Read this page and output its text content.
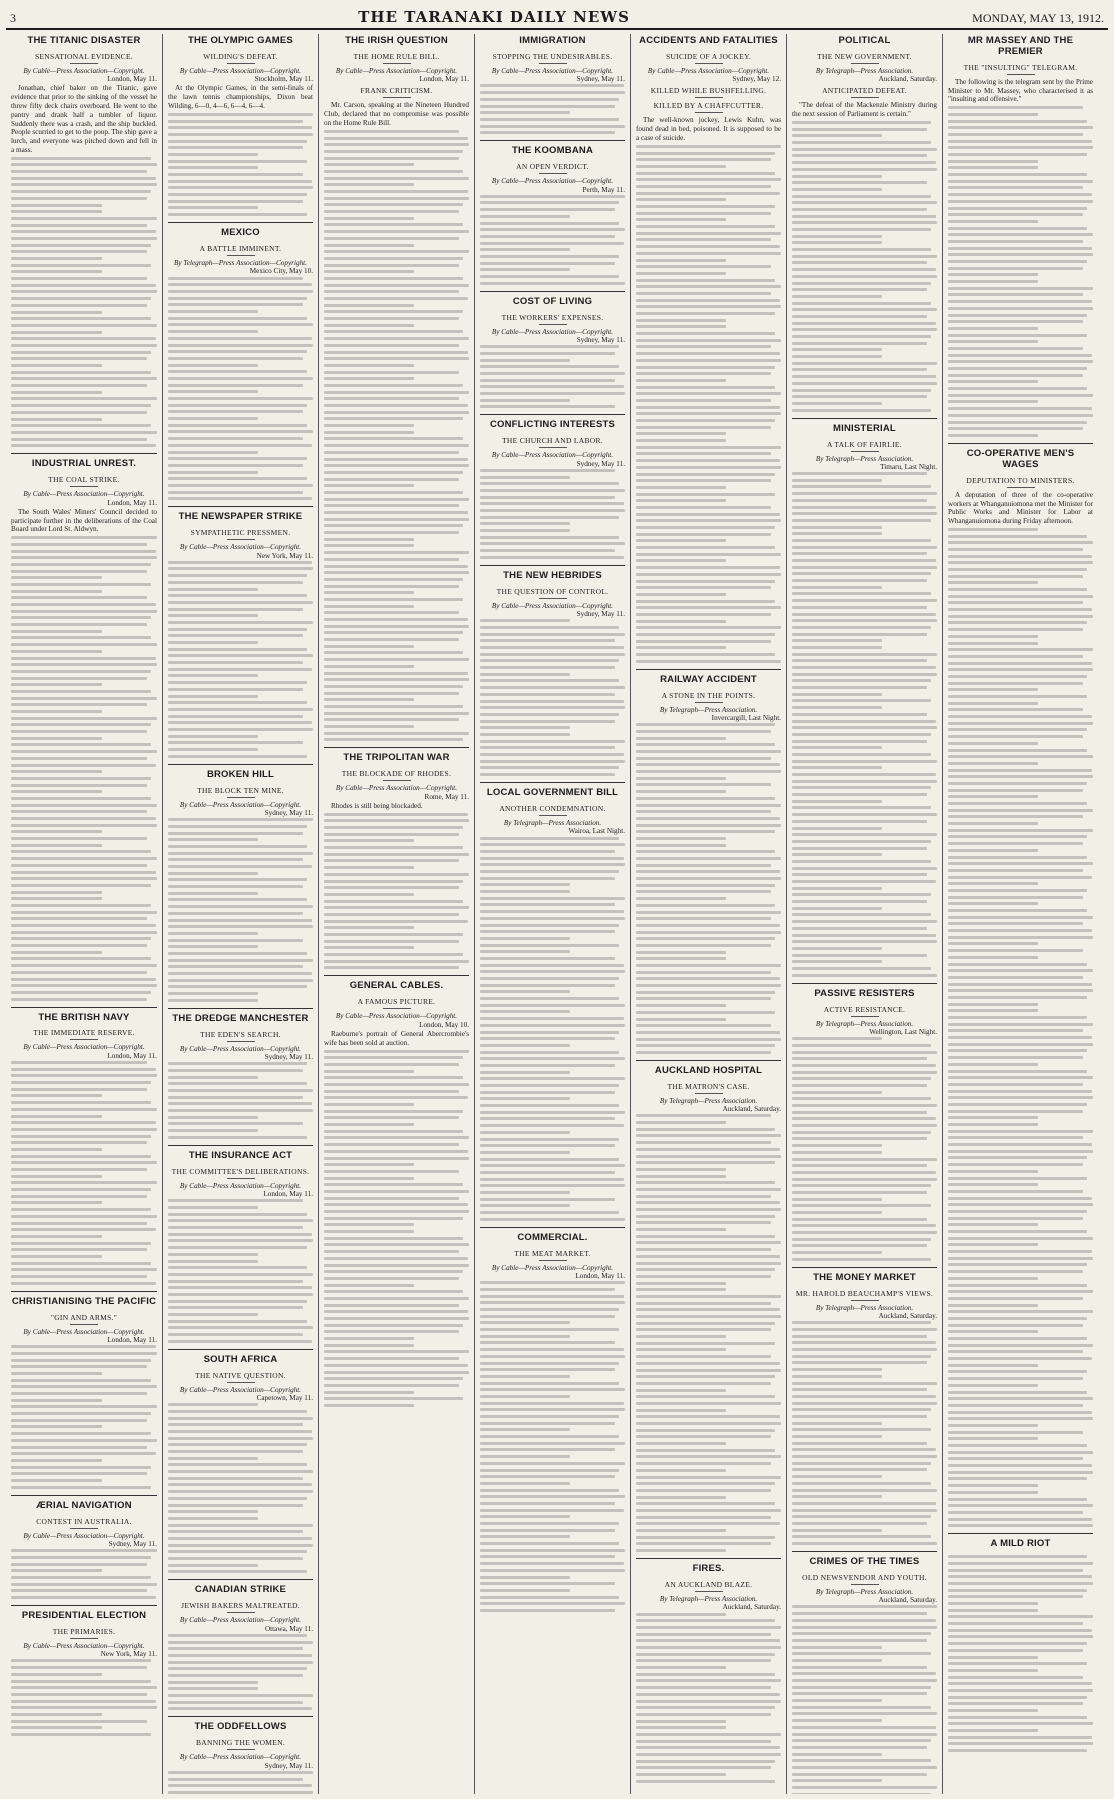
3	THE TARANAKI DAILY NEWS	MONDAY, MAY 13, 1912.
THE TITANIC DISASTER
SENSATIONAL EVIDENCE.
By Cable—Press Association—Copyright.
London, May 11.

Jonathan, chief baker on the Titanic, gave evidence that prior to the sinking of the vessel he threw fifty deck chairs overboard. He went to the pantry and drank half a tumbler of liquor. Suddenly there was a crash, and the ship buckled. People scurried to get to the poop. The ship gave a lurch, and everyone was pitched down and fell in a mass.

INDUSTRIAL UNREST.
THE COAL STRIKE.
By Cable—Press Association—Copyright.
London, May 11.

The South Wales' Miners' Council decided to participate further in the deliberations of the Coal Board under Lord St. Aldwyn.

THE BRITISH NAVY
THE IMMEDIATE RESERVE.
By Cable—Press Association—Copyright.
London, May 11.
CHRISTIANISING THE PACIFIC
"GIN AND ARMS."
By Cable—Press Association—Copyright.
London, May 11.
ÆRIAL NAVIGATION
CONTEST IN AUSTRALIA.
By Cable—Press Association—Copyright.
Sydney, May 11.
PRESIDENTIAL ELECTION
THE PRIMARIES.
By Cable—Press Association—Copyright.
New York, May 11.
THE OLYMPIC GAMES
WILDING'S DEFEAT.
By Cable—Press Association—Copyright.
Stockholm, May 11.

At the Olympic Games, in the semi-finals of the lawn tennis championships, Dixon beat Wilding, 6—0, 4—6, 6—4, 6—4.

MEXICO
A BATTLE IMMINENT.
By Telegraph—Press Association—Copyright.
Mexico City, May 10.
THE NEWSPAPER STRIKE
SYMPATHETIC PRESSMEN.
By Cable—Press Association—Copyright.
New York, May 11.
BROKEN HILL
THE BLOCK TEN MINE.
By Cable—Press Association—Copyright.
Sydney, May 11.
THE DREDGE MANCHESTER
THE EDEN'S SEARCH.
By Cable—Press Association—Copyright.
Sydney, May 11.
THE INSURANCE ACT
THE COMMITTEE'S DELIBERATIONS.
By Cable—Press Association—Copyright.
London, May 11.
SOUTH AFRICA
THE NATIVE QUESTION.
By Cable—Press Association—Copyright.
Capetown, May 11.
CANADIAN STRIKE
JEWISH BAKERS MALTREATED.
By Cable—Press Association—Copyright.
Ottawa, May 11.
THE ODDFELLOWS
BANNING THE WOMEN.
By Cable—Press Association—Copyright.
Sydney, May 11.
THE IRISH QUESTION
THE HOME RULE BILL.
By Cable—Press Association—Copyright.
London, May 11.
FRANK CRITICISM.

Mr. Carson, speaking at the Nineteen Hundred Club, declared that no compromise was possible on the Home Rule Bill.

THE TRIPOLITAN WAR
THE BLOCKADE OF RHODES.
By Cable—Press Association—Copyright.
Rome, May 11.

Rhodes is still being blockaded.

GENERAL CABLES.
A FAMOUS PICTURE.
By Cable—Press Association—Copyright.
London, May 10.

Raeburne's portrait of General Abercrombie's wife has been sold at auction.

IMMIGRATION
STOPPING THE UNDESIRABLES.
By Cable—Press Association—Copyright.
Sydney, May 11.
THE KOOMBANA
AN OPEN VERDICT.
By Cable—Press Association—Copyright.
Perth, May 11.
COST OF LIVING
THE WORKERS' EXPENSES.
By Cable—Press Association—Copyright.
Sydney, May 11.
CONFLICTING INTERESTS
THE CHURCH AND LABOR.
By Cable—Press Association—Copyright.
Sydney, May 11.
THE NEW HEBRIDES
THE QUESTION OF CONTROL.
By Cable—Press Association—Copyright.
Sydney, May 11.
LOCAL GOVERNMENT BILL
ANOTHER CONDEMNATION.
By Telegraph—Press Association.
Wairoa, Last Night.
COMMERCIAL.
THE MEAT MARKET.
By Cable—Press Association—Copyright.
London, May 11.
ACCIDENTS AND FATALITIES
SUICIDE OF A JOCKEY.
By Cable—Press Association—Copyright.
Sydney, May 12.
KILLED WHILE BUSHFELLING.
KILLED BY A CHAFFCUTTER.

The well-known jockey, Lewis Kuhn, was found dead in bed, poisoned. It is supposed to be a case of suicide.

RAILWAY ACCIDENT
A STONE IN THE POINTS.
By Telegraph—Press Association.
Invercargill, Last Night.
AUCKLAND HOSPITAL
THE MATRON'S CASE.
By Telegraph—Press Association.
Auckland, Saturday.
FIRES.
AN AUCKLAND BLAZE.
By Telegraph—Press Association.
Auckland, Saturday.
POLITICAL
THE NEW GOVERNMENT.
By Telegraph—Press Association.
Auckland, Saturday.
ANTICIPATED DEFEAT.

"The defeat of the Mackenzie Ministry during the next session of Parliament is certain."

MINISTERIAL
A TALK OF FAIRLIE.
By Telegraph—Press Association.
Timaru, Last Night.
PASSIVE RESISTERS
ACTIVE RESISTANCE.
By Telegraph—Press Association.
Wellington, Last Night.
THE MONEY MARKET
MR. HAROLD BEAUCHAMP'S VIEWS.
By Telegraph—Press Association.
Auckland, Saturday.
CRIMES OF THE TIMES
OLD NEWSVENDOR AND YOUTH.
By Telegraph—Press Association.
Auckland, Saturday.
MR MASSEY AND THE PREMIER
THE "INSULTING" TELEGRAM.

The following is the telegram sent by the Prime Minister to Mr. Massey, who characterised it as "insulting and offensive."

CO-OPERATIVE MEN'S WAGES
DEPUTATION TO MINISTERS.

A deputation of three of the co-operative workers at Whanganuiomona met the Minister for Public Works and Minister for Labor at Whanganuiomona during Friday afternoon.

A MILD RIOT
